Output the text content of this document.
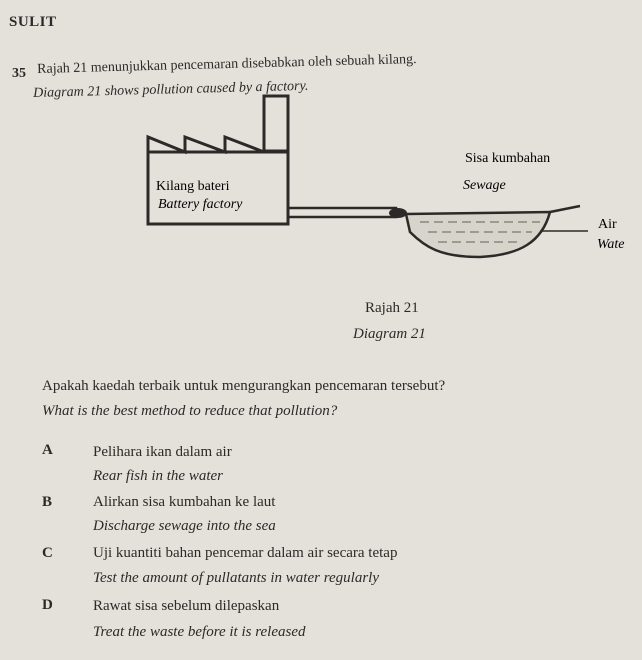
SULIT
35 Rajah 21 menunjukkan pencemaran disebabkan oleh sebuah kilang.
Diagram 21 shows pollution caused by a factory.
Kilang bateri
Battery factory
Sisa kumbahan
Sewage
Air
Wate
Rajah 21
Diagram 21
Apakah kaedah terbaik untuk mengurangkan pencemaran tersebut?
What is the best method to reduce that pollution?
A	Pelihara ikan dalam air
Rear fish in the water
B	Alirkan sisa kumbahan ke laut
Discharge sewage into the sea
C	Uji kuantiti bahan pencemar dalam air secara tetap
Test the amount of pullatants in water regularly
D	Rawat sisa sebelum dilepaskan
Treat the waste before it is released
